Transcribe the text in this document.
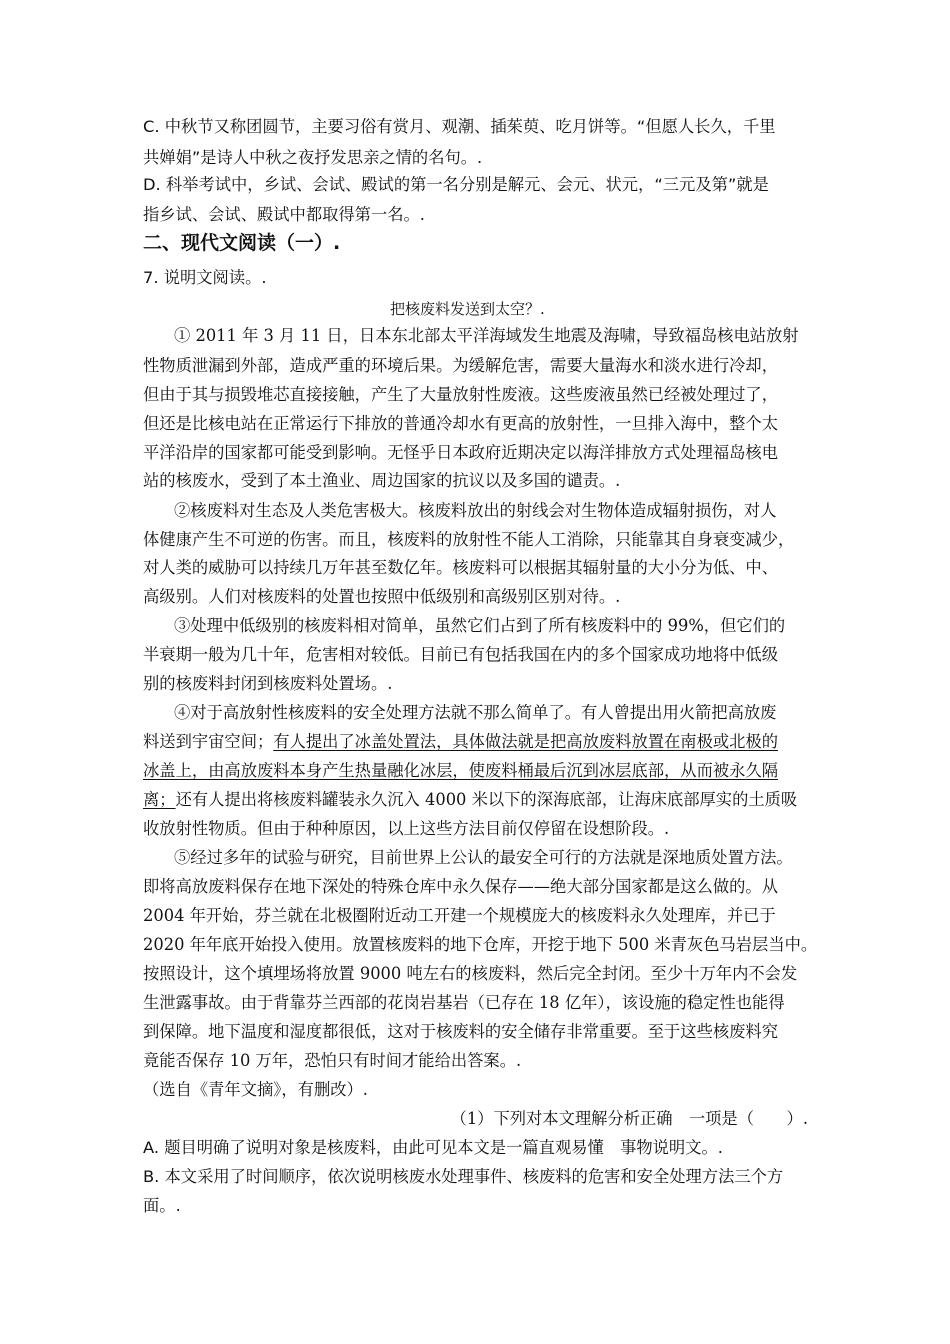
C. 中秋节又称团圆节，主要习俗有赏月、观潮、插茱萸、吃月饼等。“但愿人长久，千里
共婵娟”是诗人中秋之夜抒发思亲之情的名句。.
D. 科举考试中，乡试、会试、殿试的第一名分别是解元、会元、状元，“三元及第”就是
指乡试、会试、殿试中都取得第一名。.
二、现代文阅读（一）.
7. 说明文阅读。.
把核废料发送到太空？.
① 2011 年 3 月 11 日，日本东北部太平洋海域发生地震及海啸，导致福岛核电站放射
性物质泄漏到外部，造成严重的环境后果。为缓解危害，需要大量海水和淡水进行冷却，
但由于其与损毁堆芯直接接触，产生了大量放射性废液。这些废液虽然已经被处理过了，
但还是比核电站在正常运行下排放的普通冷却水有更高的放射性，一旦排入海中，整个太
平洋沿岸的国家都可能受到影响。无怪乎日本政府近期决定以海洋排放方式处理福岛核电
站的核废水，受到了本土渔业、周边国家的抗议以及多国的谴责。.
②核废料对生态及人类危害极大。核废料放出的射线会对生物体造成辐射损伤，对人
体健康产生不可逆的伤害。而且，核废料的放射性不能人工消除，只能靠其自身衰变减少，
对人类的威胁可以持续几万年甚至数亿年。核废料可以根据其辐射量的大小分为低、中、
高级别。人们对核废料的处置也按照中低级别和高级别区别对待。.
③处理中低级别的核废料相对简单，虽然它们占到了所有核废料中的 99%，但它们的
半衰期一般为几十年，危害相对较低。目前已有包括我国在内的多个国家成功地将中低级
别的核废料封闭到核废料处置场。.
④对于高放射性核废料的安全处理方法就不那么简单了。有人曾提出用火箭把高放废
料送到宇宙空间；有人提出了冰盖处置法，具体做法就是把高放废料放置在南极或北极的
冰盖上，由高放废料本身产生热量融化冰层，使废料桶最后沉到冰层底部，从而被永久隔
离；还有人提出将核废料罐装永久沉入 4000 米以下的深海底部，让海床底部厚实的土质吸
收放射性物质。但由于种种原因，以上这些方法目前仅停留在设想阶段。.
⑤经过多年的试验与研究，目前世界上公认的最安全可行的方法就是深地质处置方法。
即将高放废料保存在地下深处的特殊仓库中永久保存——绝大部分国家都是这么做的。从
2004 年开始，芬兰就在北极圈附近动工开建一个规模庞大的核废料永久处理库，并已于
2020 年年底开始投入使用。放置核废料的地下仓库，开挖于地下 500 米青灰色马岩层当中。
按照设计，这个填埋场将放置 9000 吨左右的核废料，然后完全封闭。至少十万年内不会发
生泄露事故。由于背靠芬兰西部的花岗岩基岩（已存在 18 亿年），该设施的稳定性也能得
到保障。地下温度和湿度都很低，这对于核废料的安全储存非常重要。至于这些核废料究
竟能否保存 10 万年，恐怕只有时间才能给出答案。.
（选自《青年文摘》，有删改）.
（1）下列对本文理解分析正确　一项是（　　）.
A. 题目明确了说明对象是核废料，由此可见本文是一篇直观易懂　事物说明文。.
B. 本文采用了时间顺序，依次说明核废水处理事件、核废料的危害和安全处理方法三个方
面。.
